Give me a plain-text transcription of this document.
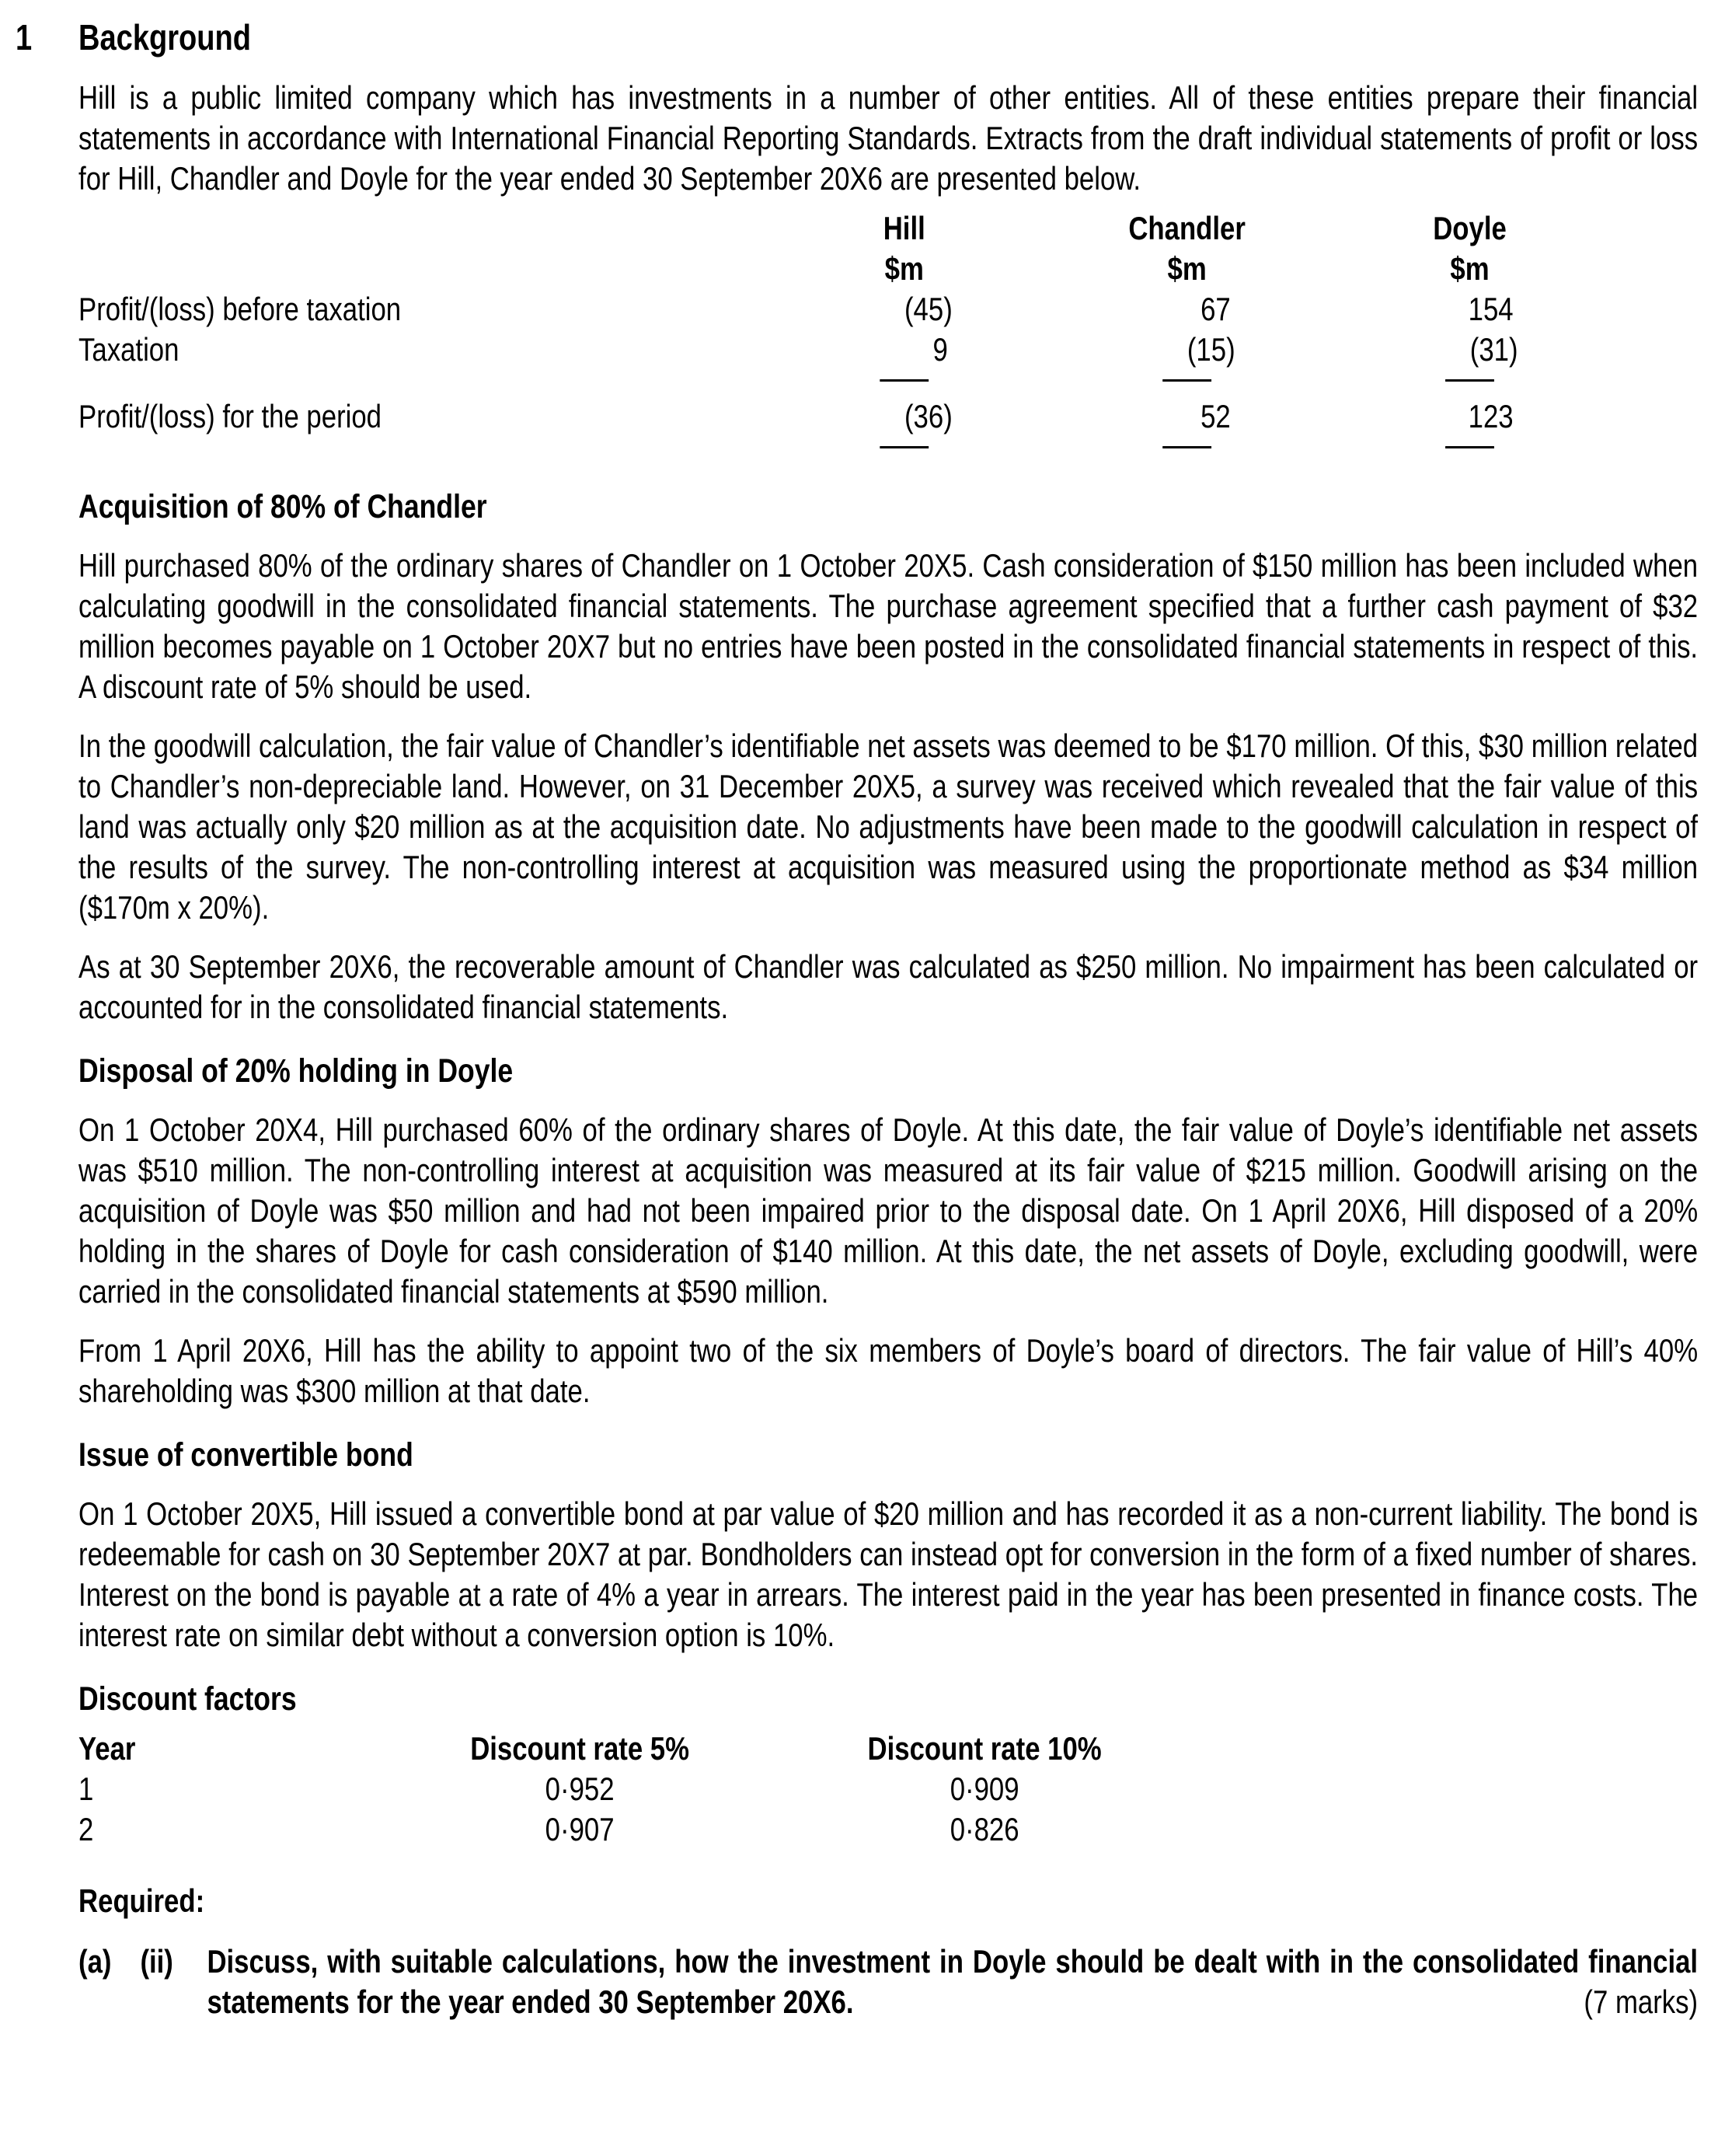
1	Background

Hill is a public limited company which has investments in a number of other entities. All of these entities prepare their financial statements in accordance with International Financial Reporting Standards. Extracts from the draft individual statements of profit or loss for Hill, Chandler and Doyle for the year ended 30 September 20X6 are presented below.

Hill	Chandler	Doyle
$m	$m	$m
Profit/(loss) before taxation	(45)	67	154
Taxation	9	(15)	(31)
Profit/(loss) for the period	(36)	52	123
Acquisition of 80% of Chandler

Hill purchased 80% of the ordinary shares of Chandler on 1 October 20X5. Cash consideration of $150 million has been included when calculating goodwill in the consolidated financial statements. The purchase agreement specified that a further cash payment of $32 million becomes payable on 1 October 20X7 but no entries have been posted in the consolidated financial statements in respect of this. A discount rate of 5% should be used.

In the goodwill calculation, the fair value of Chandler’s identifiable net assets was deemed to be $170 million. Of this, $30 million related to Chandler’s non-depreciable land. However, on 31 December 20X5, a survey was received which revealed that the fair value of this land was actually only $20 million as at the acquisition date. No adjustments have been made to the goodwill calculation in respect of the results of the survey. The non-controlling interest at acquisition was measured using the proportionate method as $34 million ($170m x 20%).

As at 30 September 20X6, the recoverable amount of Chandler was calculated as $250 million. No impairment has been calculated or accounted for in the consolidated financial statements.

Disposal of 20% holding in Doyle

On 1 October 20X4, Hill purchased 60% of the ordinary shares of Doyle. At this date, the fair value of Doyle’s identifiable net assets was $510 million. The non-controlling interest at acquisition was measured at its fair value of $215 million. Goodwill arising on the acquisition of Doyle was $50 million and had not been impaired prior to the disposal date. On 1 April 20X6, Hill disposed of a 20% holding in the shares of Doyle for cash consideration of $140 million. At this date, the net assets of Doyle, excluding goodwill, were carried in the consolidated financial statements at $590 million.

From 1 April 20X6, Hill has the ability to appoint two of the six members of Doyle’s board of directors. The fair value of Hill’s 40% shareholding was $300 million at that date.

Issue of convertible bond

On 1 October 20X5, Hill issued a convertible bond at par value of $20 million and has recorded it as a non-current liability. The bond is redeemable for cash on 30 September 20X7 at par. Bondholders can instead opt for conversion in the form of a fixed number of shares. Interest on the bond is payable at a rate of 4% a year in arrears. The interest paid in the year has been presented in finance costs. The interest rate on similar debt without a conversion option is 10%.

Discount factors
Year	Discount rate 5%	Discount rate 10%
1	0·952	0·909
2	0·907	0·826
Required:
(a) (ii)	Discuss, with suitable calculations, how the investment in Doyle should be dealt with in the consolidated financial statements for the year ended 30 September 20X6.	(7 marks)
